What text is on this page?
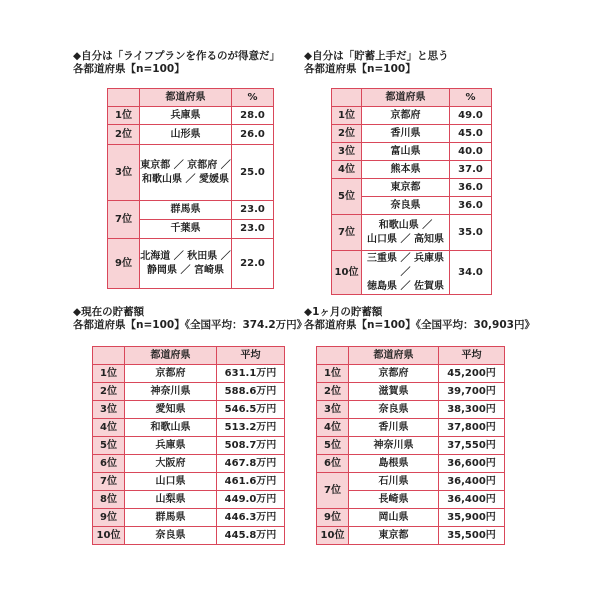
◆自分は「ライフプランを作るのが得意だ」
各都道府県【n=100】
	都道府県	%
1位	兵庫県	28.0
2位	山形県	26.0
3位	東京都 ／ 京都府 ／
和歌山県 ／ 愛媛県	25.0
7位	群馬県	23.0
	千葉県	23.0
9位	北海道 ／ 秋田県 ／
静岡県 ／ 宮崎県	22.0
◆自分は「貯蓄上手だ」と思う
各都道府県【n=100】
	都道府県	%
1位	京都府	49.0
2位	香川県	45.0
3位	富山県	40.0
4位	熊本県	37.0
5位	東京都	36.0
	奈良県	36.0
7位	和歌山県 ／
山口県 ／ 高知県	35.0
10位	三重県 ／ 兵庫県 ／
徳島県 ／ 佐賀県	34.0
◆現在の貯蓄額
各都道府県【n=100】《全国平均：374.2万円》
	都道府県	平均
1位	京都府	631.1万円
2位	神奈川県	588.6万円
3位	愛知県	546.5万円
4位	和歌山県	513.2万円
5位	兵庫県	508.7万円
6位	大阪府	467.8万円
7位	山口県	461.6万円
8位	山梨県	449.0万円
9位	群馬県	446.3万円
10位	奈良県	445.8万円
◆1ヶ月の貯蓄額
各都道府県【n=100】《全国平均：30,903円》
	都道府県	平均
1位	京都府	45,200円
2位	滋賀県	39,700円
3位	奈良県	38,300円
4位	香川県	37,800円
5位	神奈川県	37,550円
6位	島根県	36,600円
7位	石川県	36,400円
	長崎県	36,400円
9位	岡山県	35,900円
10位	東京都	35,500円
